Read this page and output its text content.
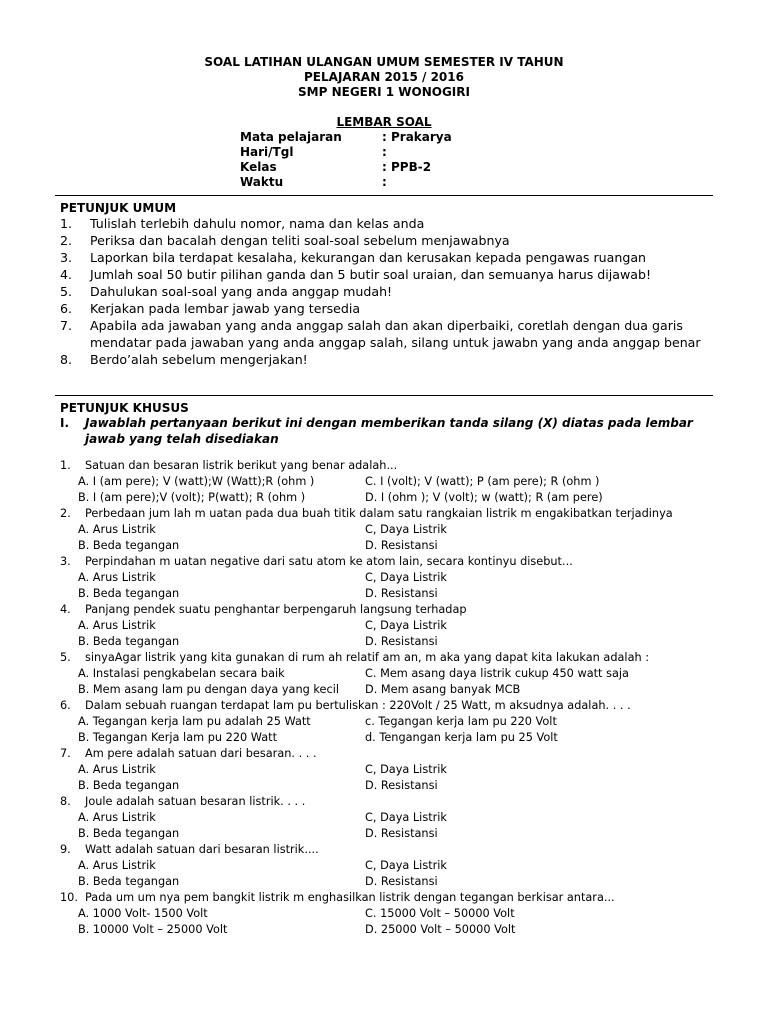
SOAL LATIHAN ULANGAN UMUM SEMESTER IV TAHUN
PELAJARAN 2015 / 2016
SMP NEGERI 1 WONOGIRI
LEMBAR SOAL
Mata pelajaran	: Prakarya
Hari/Tgl	:
Kelas	: PPB-2
Waktu	:
PETUNJUK UMUM
1. Tulislah terlebih dahulu nomor, nama dan kelas anda
2. Periksa dan bacalah dengan teliti soal-soal sebelum menjawabnya
3. Laporkan bila terdapat kesalaha, kekurangan dan kerusakan kepada pengawas ruangan
4. Jumlah soal 50 butir pilihan ganda dan 5 butir soal uraian, dan semuanya harus dijawab!
5. Dahulukan soal-soal yang anda anggap mudah!
6. Kerjakan pada lembar jawab yang tersedia
7. Apabila ada jawaban yang anda anggap salah dan akan diperbaiki, coretlah dengan dua garis mendatar pada jawaban yang anda anggap salah, silang untuk jawabn yang anda anggap benar
8. Berdo’alah sebelum mengerjakan!
PETUNJUK KHUSUS
I.	Jawablah pertanyaan berikut ini dengan memberikan tanda silang (X) diatas pada lembar jawab yang telah disediakan
1. Satuan dan besaran listrik berikut yang benar adalah...
A. I (am pere); V (watt);W (Watt);R (ohm )	C. I (volt); V (watt); P (am pere); R (ohm )
B. I (am pere);V (volt); P(watt); R (ohm )	D. I (ohm ); V (volt); w (watt); R (am pere)
2. Perbedaan jum lah m uatan pada dua buah titik dalam satu rangkaian listrik m engakibatkan terjadinya
A. Arus Listrik	C, Daya Listrik
B. Beda tegangan	D. Resistansi
3. Perpindahan m uatan negative dari satu atom ke atom lain, secara kontinyu disebut...
A. Arus Listrik	C, Daya Listrik
B. Beda tegangan	D. Resistansi
4. Panjang pendek suatu penghantar berpengaruh langsung terhadap
A. Arus Listrik	C, Daya Listrik
B. Beda tegangan	D. Resistansi
5. sinyaAgar listrik yang kita gunakan di rum ah relatif am an, m aka yang dapat kita lakukan adalah :
A. Instalasi pengkabelan secara baik	C. Mem asang daya listrik cukup 450 watt saja
B. Mem asang lam pu dengan daya yang kecil D. Mem asang banyak MCB
6. Dalam sebuah ruangan terdapat lam pu bertuliskan : 220Volt / 25 Watt, m aksudnya adalah. . . .
A. Tegangan kerja lam pu adalah 25 Watt	c. Tegangan kerja lam pu 220 Volt
B. Tegangan Kerja lam pu 220 Watt	d. Tengangan kerja lam pu 25 Volt
7. Am pere adalah satuan dari besaran. . . .
A. Arus Listrik	C, Daya Listrik
B. Beda tegangan	D. Resistansi
8. Joule adalah satuan besaran listrik. . . .
A. Arus Listrik	C, Daya Listrik
B. Beda tegangan	D. Resistansi
9. Watt adalah satuan dari besaran listrik....
A. Arus Listrik	C, Daya Listrik
B. Beda tegangan	D. Resistansi
10. Pada um um nya pem bangkit listrik m enghasilkan listrik dengan tegangan berkisar antara...
A. 1000 Volt- 1500 Volt	C. 15000 Volt – 50000 Volt
B. 10000 Volt – 25000 Volt	D. 25000 Volt – 50000 Volt
